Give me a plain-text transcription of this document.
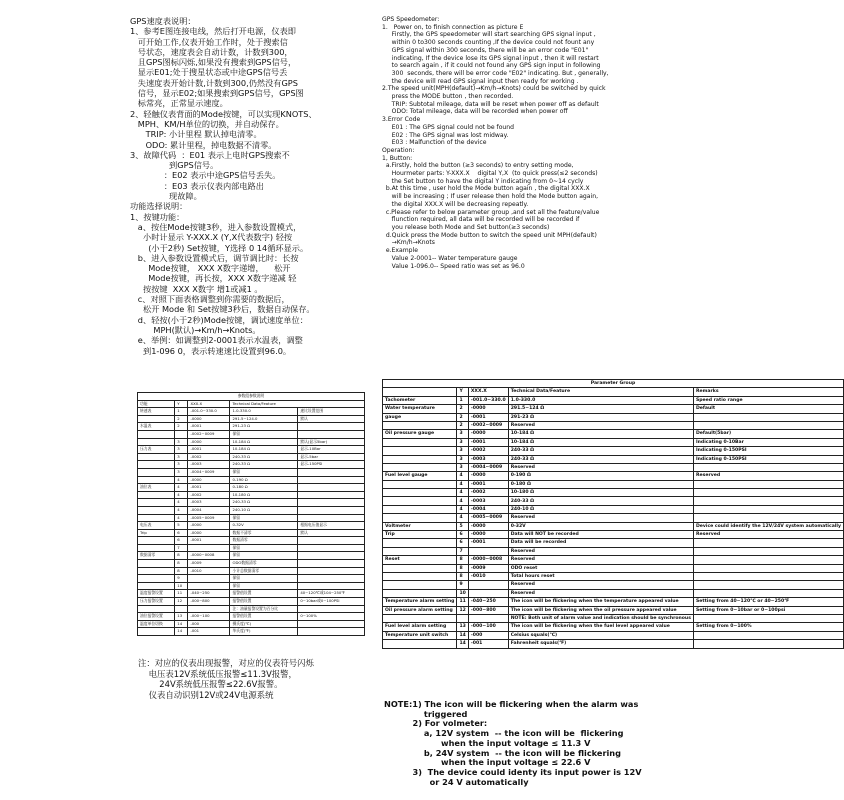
GPS速度表说明：

1、参考E图连接电线，然后打开电源，仪表即

可开始工作,仪表开始工作时，处于搜索信

号状态，速度表会自动计数，计数到300，

且GPS图标闪烁,如果没有搜索到GPS信号，

显示E01;处于搜星状态或中途GPS信号丢

失速度表开始计数,计数到300,仍然没有GPS

信号，显示E02;如果搜索到GPS信号，GPS图

标常亮，正常显示速度。

2、轻触仪表背面的Mode按键，可以实现KNOTS、

MPH、KM/H单位的切换，并自动保存。

TRIP: 小计里程 默认掉电清零。

ODO: 累计里程，掉电数据不清零。

3、故障代码  ：E01 表示上电时GPS搜索不

到GPS信号。

：E02 表示中途GPS信号丢失。

：E03 表示仪表内部电路出

现故障。

功能选择说明：

1、按键功能：

a、按住Mode按键3秒，进入参数设置模式，

小时计显示 Y-XXX.X (Y,X代表数字) 轻按

(小于2秒) Set按键，Y选择 0 14循环显示。

b、进入参数设置模式后，调节调比时：长按

Mode按键， XXX X数字递增，    松开

Mode按键，再长按，XXX X数字递减 轻

按按键  XXX X数字 增1或减1 。

c、对照下面表格调整到你需要的数据后，

松开 Mode 和 Set按键3秒后，数据自动保存。

d、轻按(小于2秒)Mode按键，调试速度单位：

MPH(默认)→Km/h→Knots。

e、举例：如调整到2-0001表示水温表，调整

到1-096 0，表示转速速比设置到96.0。

GPS Speedometer:

1.   Power on, to finish connection as picture E

Firstly, the GPS speedometer will start searching GPS signal input ,

within 0 to300 seconds counting ,If the device could not fount any

GPS signal within 300 seconds, there will be an error code "E01"

indicating, If the device lose its GPS signal input , then it will restart

to search again , if it could not found any GPS sign input in following

300  seconds, there will be error code "E02" indicating. But , generally,

the device will read GPS signal input then ready for working .

2.The speed unit(MPH(default)→Km/h→Knots) could be switched by quick

press the MODE button , then recorded.

TRIP: Subtotal mileage, data will be reset when power off as default

ODO: Total mileage, data will be recorded when power off

3.Error Code

E01 : The GPS signal could not be found

E02 : The GPS signal was lost midway.

E03 : Malfunction of the device

Operation:

1, Button:

a.Firstly, hold the button (≥3 seconds) to entry setting mode,

Hourmeter parts: Y-XXX.X    digital Y,X  (to quick press(≤2 seconds)

the Set button to have the digital Y indicating from 0~14 cycly

b.At this time , user hold the Mode button again , the digital XXX.X

will be increasing ; If user release then hold the Mode button again,

the digital XXX.X will be decreasing repeatly.

c.Please refer to below parameter group ,and set all the feature/value

flunction required, all data will be recorded will be recorded if

you release both Mode and Set button(≥3 seconds)

d.Quick press the Mode button to switch the speed unit MPH(default)

→Km/h→Knots

e.Example

Value 2-0001-- Water temperature gauge

Value 1-096.0-- Speed ratio was set as 96.0

参数组参数说明				
功能	Y	XXX.X	Technical Data/Feature	
转速表	1	-001.0~330.0	1.0-330.0	速比设置范围
	2	-0000	291.5~124.0	默认
水温表	2	-0001	291-23 Ω	
		-0002~0009	保留	
	3	-0000	10-184 Ω	默认(显示5bar)
压力表	3	-0001	10-184 Ω	显示-10Bar
	3	-0002	240-33 Ω	显示-5bar
	3	-0003	240-33 Ω	显示-150PSI
	3	-0004~0009	保留	
	4	-0000	0-190 Ω	
油位表	4	-0001	0-180 Ω	
	4	-0002	10-180 Ω	
	4	-0003	240-33 Ω	
	4	-0004	240-10 Ω	
	4	-0005~0009	保留	
电压表	5	-0000	0-32V	根据电压值显示
Trip	6	-0000	数据不清零	默认
	6	-0001	数据清零	
	7		保留	
数据清零	8	-0000~0008	保留	
	8	-0009	ODO数据清零	
	8	-0010	小计总数据清零	
	9		保留	
	10		保留	
温度报警设置	11	-040~250	报警值设置	40~120℃或104~250℉
压力报警设置	12	-000~800	报警值设置	0~10bar或0~100PSI
			注：油量报警设置为百分比	
油位报警设置	13	-000~100	报警值设置	0~100%
温度单位切换	14	-000	摄氏度(℃)	
	14	-001	华氏度(℉)	
Parameter Group				
	Y	XXX.X	Technical Data/Feature	Remarks
Tachometer	1	-001.0~330.0	1.0-330.0	Speed ratio range
Water temperature	2	-0000	291.5~124 Ω	Default
gauge	2	-0001	291-23 Ω	
	2	-0002~0009	Reserved	
Oil pressure gauge	3	-0000	10-184 Ω	Default(5bar)
	3	-0001	10-184 Ω	Indicating 0-10Bar
	3	-0002	240-33 Ω	Indicating 0-150PSI
	3	-0003	240-33 Ω	Indicating 0-150PSI
	3	-0004~0009	Reserved	
Fuel level gauge	4	-0000	0-190 Ω	Reserved
	4	-0001	0-180 Ω	
	4	-0002	10-180 Ω	
	4	-0003	240-33 Ω	
	4	-0004	240-10 Ω	
	4	-0005~0009	Reserved	
Voltmeter	5	-0000	0-32V	Device could identify the 12V/24V system automatically
Trip	6	-0000	Data will NOT be recorded	Reserved
	6	-0001	Data will be recorded	
	7		Reserved	
Reset	8	-0000~0008	Reserved	
	8	-0009	ODO reset	
	8	-0010	Total hours reset	
	9		Reserved	
	10		Reserved	
Temperature alarm setting	11	-040~250	The icon will be flickering when the temperature appeared value	Setting from 40~120℃ or 40~250℉
Oil pressure alarm setting	12	-000~800	The icon will be flickering when the oil pressure appeared value	Setting from 0~10bar or 0~100psi
			NOTE: Both unit of alarm value and indication should be synchronous	
Fuel level alarm setting	13	-000~100	The icon will be flickering when the fuel level appeared value	Setting from 0~100%
Temperature unit switch	14	-000	Celsius squals(℃)	
	14	-001	Fahrenheit squals(℉)	

注：对应的仪表出现报警，对应的仪表符号闪烁

电压表12V系统低压报警≤11.3V报警，

24V系统低压报警≤22.6V报警。

仪表自动识别12V或24V电源系统

NOTE:1) The icon will be flickering when the alarm was

triggered

2) For volmeter:

a, 12V system  -- the icon will be  flickering

when the input voltage ≤ 11.3 V

b, 24V system  -- the icon will be flickering

when the input voltage ≤ 22.6 V

3)  The device could identy its input power is 12V

or 24 V automatically
